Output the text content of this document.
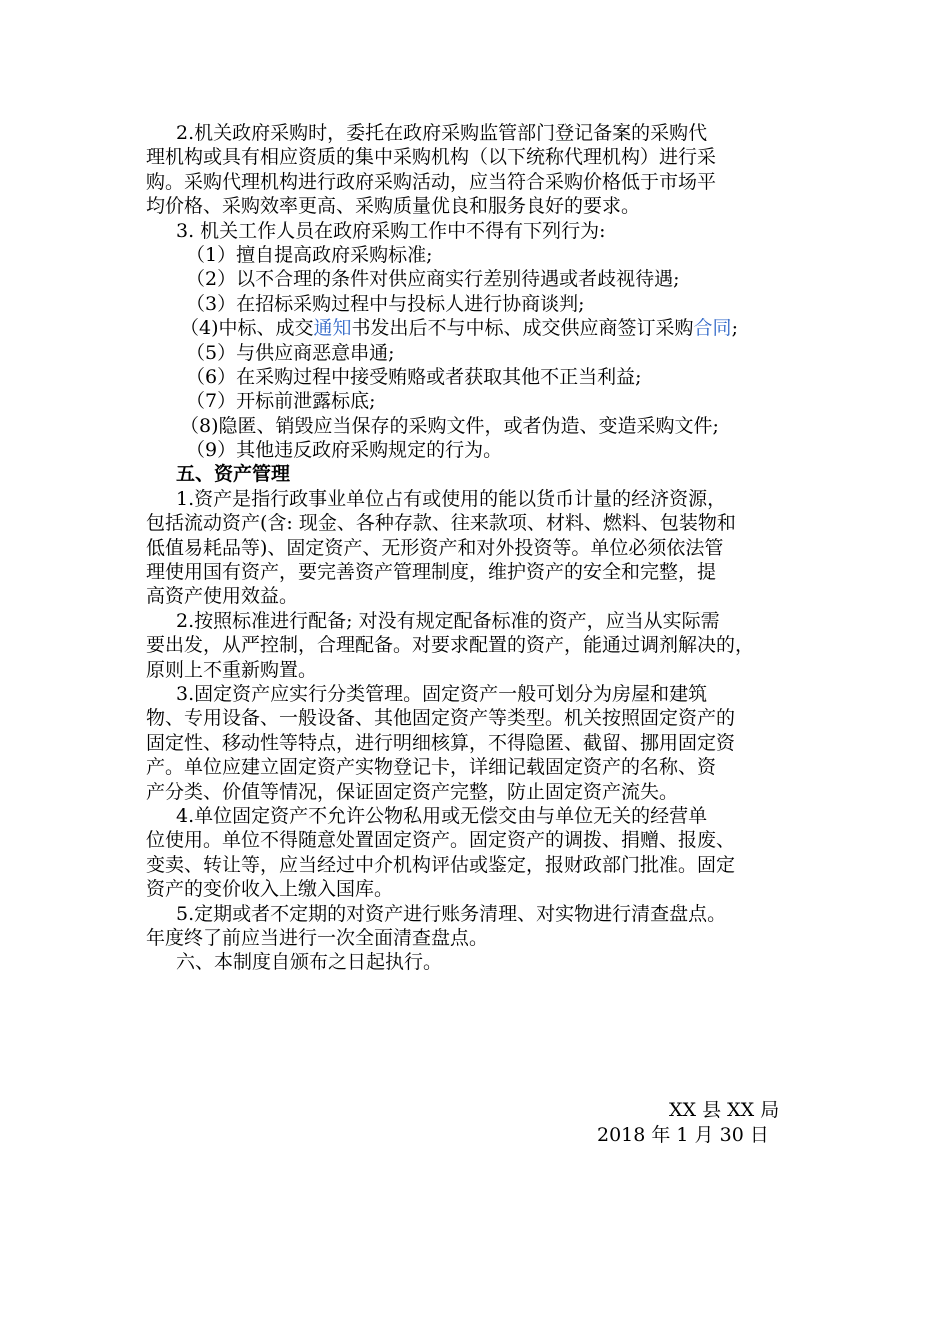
2.机关政府采购时，委托在政府采购监管部门登记备案的采购代
理机构或具有相应资质的集中采购机构（以下统称代理机构）进行采
购。采购代理机构进行政府采购活动，应当符合采购价格低于市场平
均价格、采购效率更高、采购质量优良和服务良好的要求。
3. 机关工作人员在政府采购工作中不得有下列行为:
（1）擅自提高政府采购标准;
（2）以不合理的条件对供应商实行差别待遇或者歧视待遇;
（3）在招标采购过程中与投标人进行协商谈判;
（4)中标、成交通知书发出后不与中标、成交供应商签订采购合同;
（5）与供应商恶意串通;
（6）在采购过程中接受贿赂或者获取其他不正当利益;
（7）开标前泄露标底;
（8)隐匿、销毁应当保存的采购文件，或者伪造、变造采购文件;
（9）其他违反政府采购规定的行为。
五、资产管理
1.资产是指行政事业单位占有或使用的能以货币计量的经济资源，
包括流动资产(含: 现金、各种存款、往来款项、材料、燃料、包装物和
低值易耗品等)、固定资产、无形资产和对外投资等。单位必须依法管
理使用国有资产，要完善资产管理制度，维护资产的安全和完整，提
高资产使用效益。
2.按照标准进行配备; 对没有规定配备标准的资产，应当从实际需
要出发，从严控制，合理配备。对要求配置的资产，能通过调剂解决的，
原则上不重新购置。
3.固定资产应实行分类管理。固定资产一般可划分为房屋和建筑
物、专用设备、一般设备、其他固定资产等类型。机关按照固定资产的
固定性、移动性等特点，进行明细核算，不得隐匿、截留、挪用固定资
产。单位应建立固定资产实物登记卡，详细记载固定资产的名称、资
产分类、价值等情况，保证固定资产完整，防止固定资产流失。
4.单位固定资产不允许公物私用或无偿交由与单位无关的经营单
位使用。单位不得随意处置固定资产。固定资产的调拨、捐赠、报废、
变卖、转让等，应当经过中介机构评估或鉴定，报财政部门批准。固定
资产的变价收入上缴入国库。
5.定期或者不定期的对资产进行账务清理、对实物进行清查盘点。
年度终了前应当进行一次全面清查盘点。
六、本制度自颁布之日起执行。
XX 县 XX 局
2018 年 1 月 30 日
